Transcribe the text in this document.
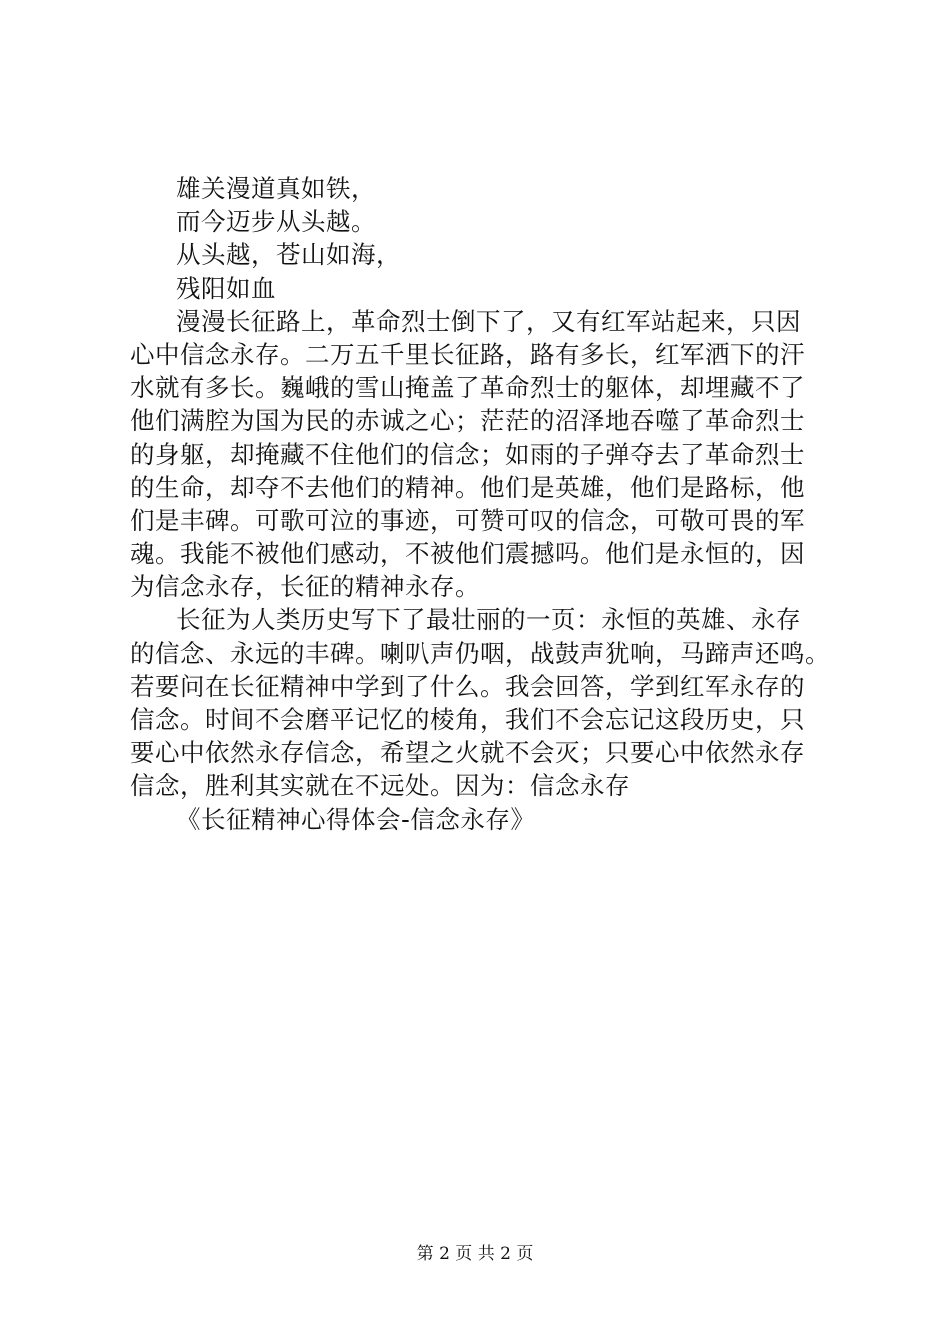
雄关漫道真如铁，
而今迈步从头越。
从头越，苍山如海，
残阳如血
漫漫长征路上，革命烈士倒下了，又有红军站起来，只因
心中信念永存。二万五千里长征路，路有多长，红军洒下的汗
水就有多长。巍峨的雪山掩盖了革命烈士的躯体，却埋藏不了
他们满腔为国为民的赤诚之心；茫茫的沼泽地吞噬了革命烈士
的身躯，却掩藏不住他们的信念；如雨的子弹夺去了革命烈士
的生命，却夺不去他们的精神。他们是英雄，他们是路标，他
们是丰碑。可歌可泣的事迹，可赞可叹的信念，可敬可畏的军
魂。我能不被他们感动，不被他们震撼吗。他们是永恒的，因
为信念永存，长征的精神永存。
长征为人类历史写下了最壮丽的一页：永恒的英雄、永存
的信念、永远的丰碑。喇叭声仍咽，战鼓声犹响，马蹄声还鸣。
若要问在长征精神中学到了什么。我会回答，学到红军永存的
信念。时间不会磨平记忆的棱角，我们不会忘记这段历史，只
要心中依然永存信念，希望之火就不会灭；只要心中依然永存
信念，胜利其实就在不远处。因为：信念永存
《长征精神心得体会-信念永存》
第 2 页 共 2 页
